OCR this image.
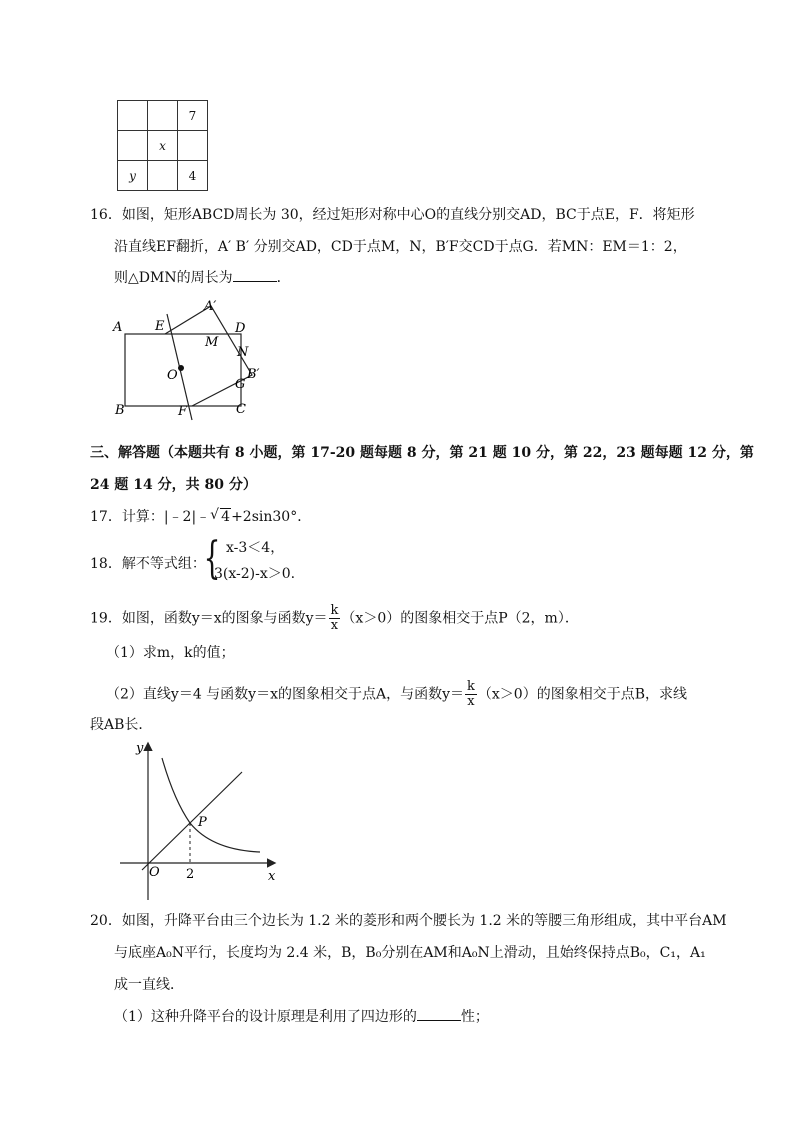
		7
	x	
y		4
16．如图，矩形ABCD周长为 30，经过矩形对称中心O的直线分别交AD，BC于点E，F．将矩形
沿直线EF翻折，A′ B′ 分别交AD，CD于点M，N，B′F交CD于点G．若MN：EM＝1：2，
则△DMN的周长为	．
A	E
A′
D
M
N
O	B′
G
B	F	C
三、解答题（本题共有 8 小题，第 17-20 题每题 8 分，第 21 题 10 分，第 22，23 题每题 12 分，第
24 题 14 分，共 80 分）
17．计算：|﹣2|﹣ √ 4+2sin30°．
18．解不等式组：
{ x-3＜4，
3(x-2)-x＞0.
19．如图，函数y＝x的图象与函数$y= \frac{k}{x} (x>0)$的图象相交于点P（2，m）．
（1）求m，k的值；
（2）直线y＝4 与函数y＝x的图象相交于点A，与函数$y= \frac{k}{x} (x>0)$的图象相交于点B，求线
段AB长．
y
x
O
P
2
20．如图，升降平台由三个边长为 1.2 米的菱形和两个腰长为 1.2 米的等腰三角形组成，其中平台AM
与底座A₀N平行，长度均为 2.4 米，B，B₀分别在AM和A₀N上滑动，且始终保持点B₀，C₁，A₁
成一直线．
（1）这种升降平台的设计原理是利用了四边形的	性；
